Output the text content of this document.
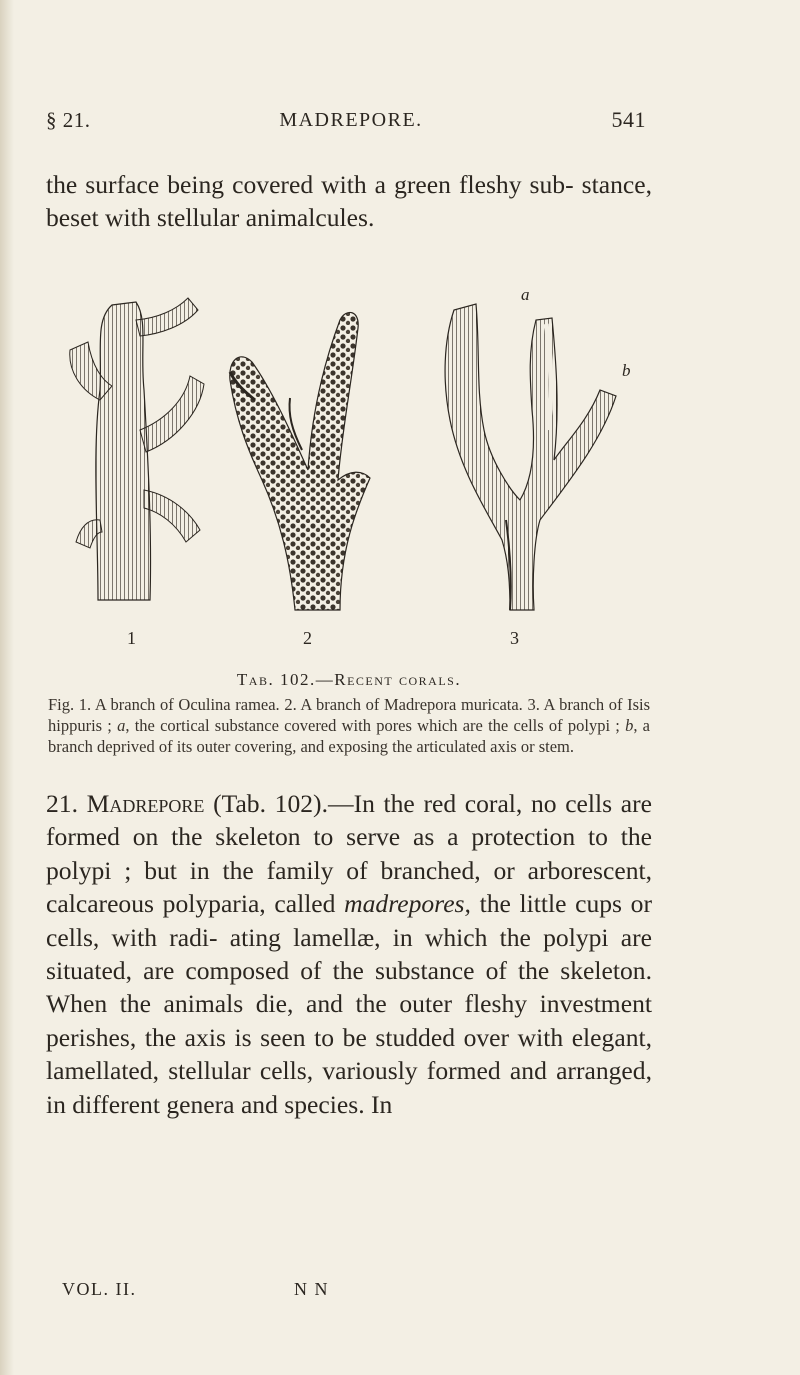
§ 21.	MADREPORE.	541

the surface being covered with a green fleshy sub- stance, beset with stellular animalcules.

a
b
1	2	3
Tab. 102.—Recent corals.

Fig. 1. A branch of Oculina ramea. 2. A branch of Madrepora muricata. 3. A branch of Isis hippuris ; a, the cortical substance covered with pores which are the cells of polypi ; b, a branch deprived of its outer covering, and exposing the articulated axis or stem.

21. Madrepore (Tab. 102).—In the red coral, no cells are formed on the skeleton to serve as a protection to the polypi ; but in the family of branched, or arborescent, calcareous polyparia, called madrepores, the little cups or cells, with radi- ating lamellæ, in which the polypi are situated, are composed of the substance of the skeleton. When the animals die, and the outer fleshy investment perishes, the axis is seen to be studded over with elegant, lamellated, stellular cells, variously formed and arranged, in different genera and species. In

VOL. II.	N N
